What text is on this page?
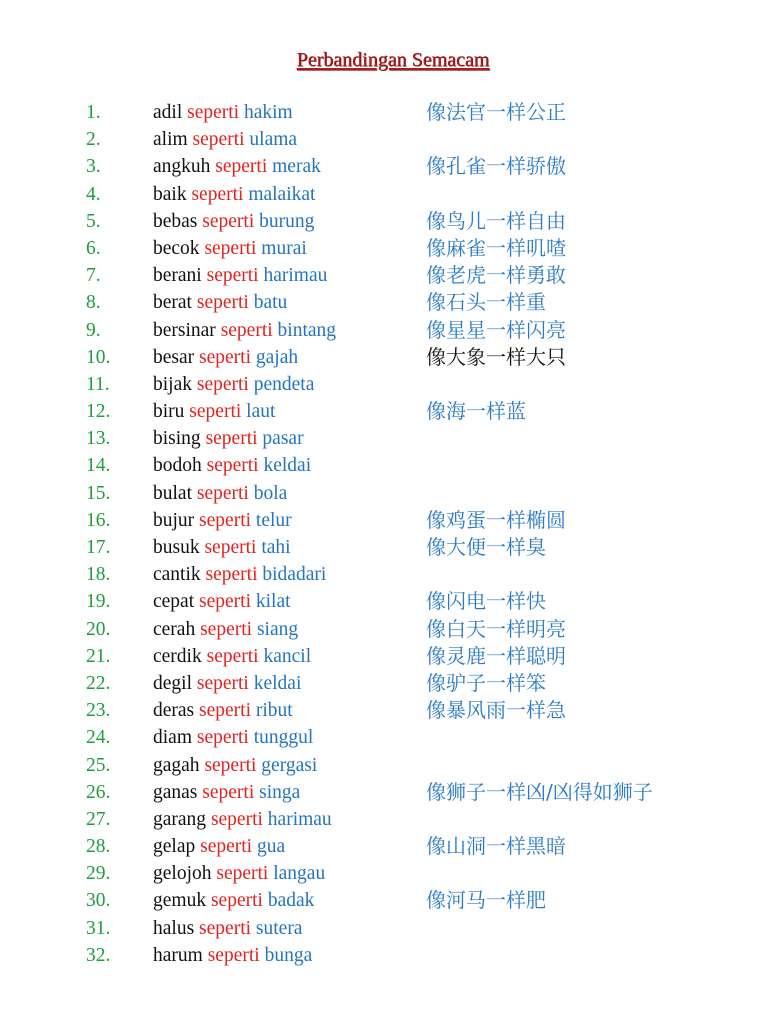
Perbandingan Semacam
1.	adil seperti hakim	像法官一样公正
2.	alim seperti ulama
3.	angkuh seperti merak	像孔雀一样骄傲
4.	baik seperti malaikat
5.	bebas seperti burung	像鸟儿一样自由
6.	becok seperti murai	像麻雀一样叽喳
7.	berani seperti harimau	像老虎一样勇敢
8.	berat seperti batu	像石头一样重
9.	bersinar seperti bintang	像星星一样闪亮
10. besar seperti gajah	像大象一样大只
11. bijak seperti pendeta
12. biru seperti laut	像海一样蓝
13. bising seperti pasar
14. bodoh seperti keldai
15. bulat seperti bola
16. bujur seperti telur	像鸡蛋一样椭圆
17. busuk seperti tahi	像大便一样臭
18. cantik seperti bidadari
19. cepat seperti kilat	像闪电一样快
20. cerah seperti siang	像白天一样明亮
21. cerdik seperti kancil	像灵鹿一样聪明
22. degil seperti keldai	像驴子一样笨
23. deras seperti ribut	像暴风雨一样急
24. diam seperti tunggul
25. gagah seperti gergasi
26. ganas seperti singa	像狮子一样凶/凶得如狮子
27. garang seperti harimau
28. gelap seperti gua	像山洞一样黑暗
29. gelojoh seperti langau
30. gemuk seperti badak	像河马一样肥
31. halus seperti sutera
32. harum seperti bunga
